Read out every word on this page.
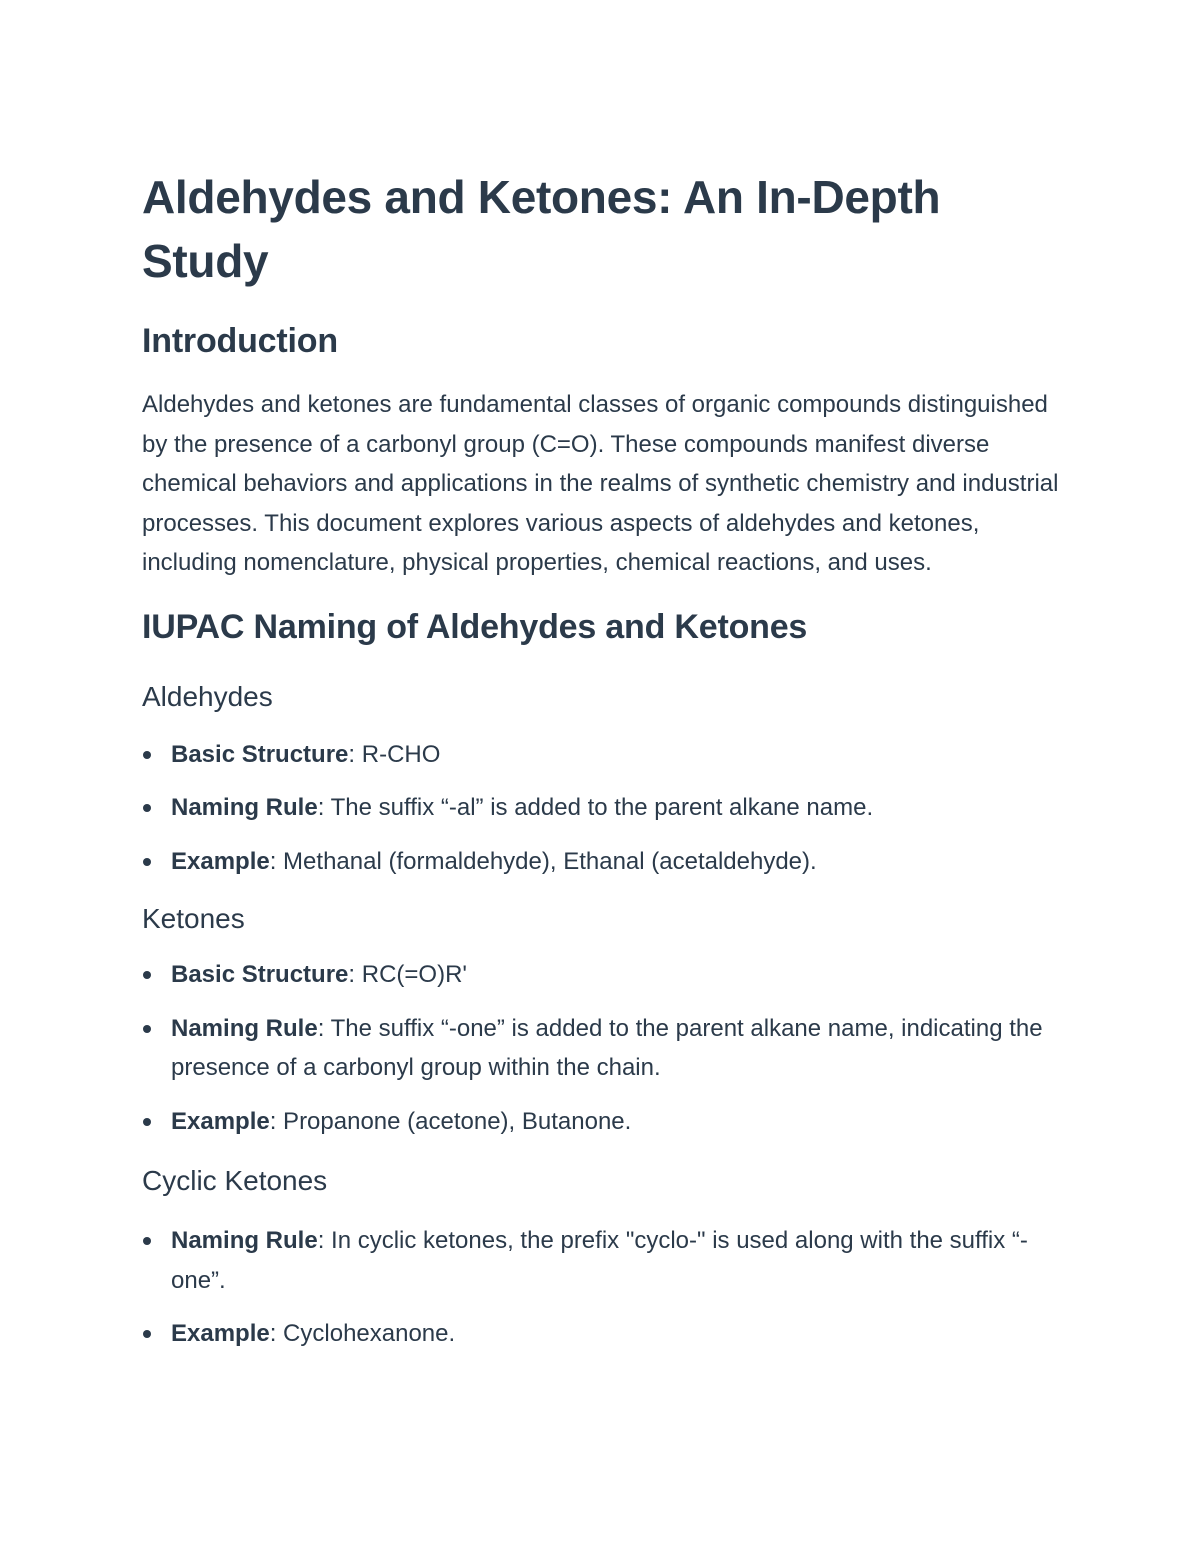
Aldehydes and Ketones: An In-Depth Study
Introduction

Aldehydes and ketones are fundamental classes of organic compounds distinguished by the presence of a carbonyl group (C=O). These compounds manifest diverse chemical behaviors and applications in the realms of synthetic chemistry and industrial processes. This document explores various aspects of aldehydes and ketones, including nomenclature, physical properties, chemical reactions, and uses.

IUPAC Naming of Aldehydes and Ketones
Aldehydes
Basic Structure: R-CHO
Naming Rule: The suffix “-al” is added to the parent alkane name.
Example: Methanal (formaldehyde), Ethanal (acetaldehyde).
Ketones
Basic Structure: RC(=O)R'
Naming Rule: The suffix “-one” is added to the parent alkane name, indicating the presence of a carbonyl group within the chain.
Example: Propanone (acetone), Butanone.
Cyclic Ketones
Naming Rule: In cyclic ketones, the prefix "cyclo-" is used along with the suffix “-one”.
Example: Cyclohexanone.
